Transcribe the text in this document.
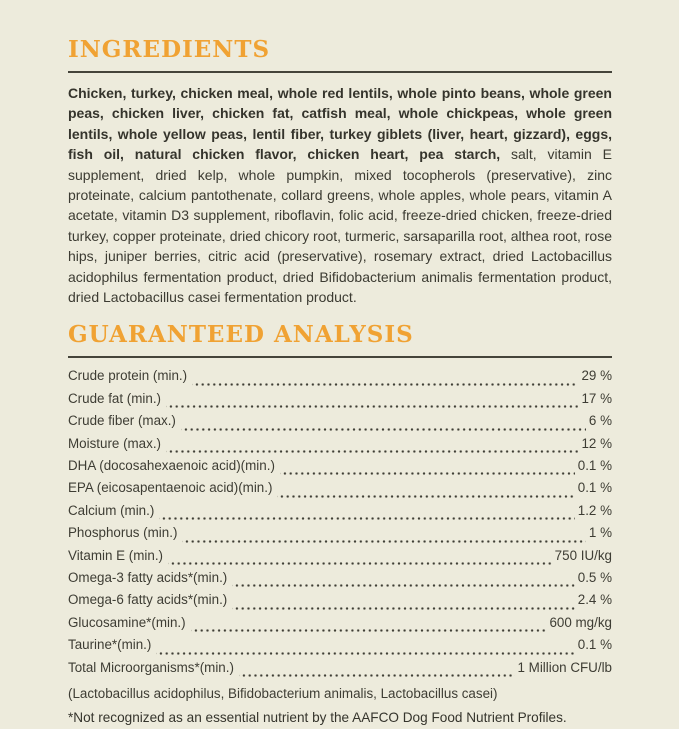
INGREDIENTS

Chicken, turkey, chicken meal, whole red lentils, whole pinto beans, whole green peas, chicken liver, chicken fat, catfish meal, whole chickpeas, whole green lentils, whole yellow peas, lentil fiber, turkey giblets (liver, heart, gizzard), eggs, fish oil, natural chicken flavor, chicken heart, pea starch, salt, vitamin E supplement, dried kelp, whole pumpkin, mixed tocopherols (preservative), zinc proteinate, calcium pantothenate, collard greens, whole apples, whole pears, vitamin A acetate, vitamin D3 supplement, riboflavin, folic acid, freeze-dried chicken, freeze-dried turkey, copper proteinate, dried chicory root, turmeric, sarsaparilla root, althea root, rose hips, juniper berries, citric acid (preservative), rosemary extract, dried Lactobacillus acidophilus fermentation product, dried Bifidobacterium animalis fermentation product, dried Lactobacillus casei fermentation product.

GUARANTEED ANALYSIS
Crude protein (min.)	29 %
Crude fat (min.)	17 %
Crude fiber (max.)	6 %
Moisture (max.)	12 %
DHA (docosahexaenoic acid)(min.)	0.1 %
EPA (eicosapentaenoic acid)(min.)	0.1 %
Calcium (min.)	1.2 %
Phosphorus (min.)	1 %
Vitamin E (min.)	750 IU/kg
Omega-3 fatty acids*(min.)	0.5 %
Omega-6 fatty acids*(min.)	2.4 %
Glucosamine*(min.)	600 mg/kg
Taurine*(min.)	0.1 %
Total Microorganisms*(min.)	1 Million CFU/lb
(Lactobacillus acidophilus, Bifidobacterium animalis, Lactobacillus casei)
*Not recognized as an essential nutrient by the AAFCO Dog Food Nutrient Profiles.
